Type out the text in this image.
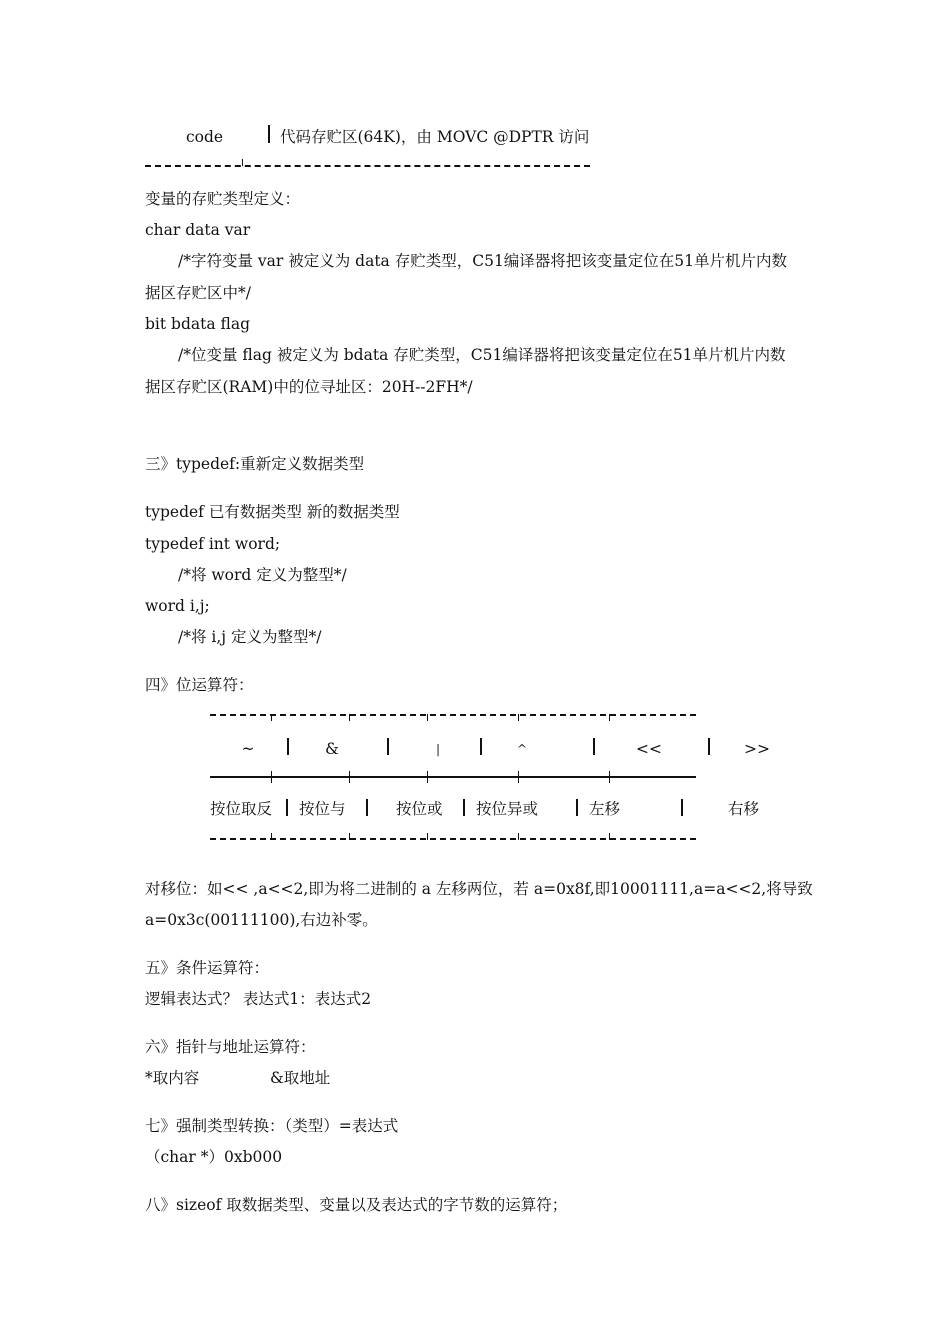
code	代码存贮区(64K)，由 MOVC @DPTR 访问
变量的存贮类型定义：
char data var
/*字符变量 var 被定义为 data 存贮类型，C51编译器将把该变量定位在51单片机片内数
据区存贮区中*/
bit bdata flag
/*位变量 flag 被定义为 bdata 存贮类型，C51编译器将把该变量定位在51单片机片内数
据区存贮区(RAM)中的位寻址区：20H--2FH*/
三》typedef:重新定义数据类型
typedef 已有数据类型 新的数据类型
typedef int word;
/*将 word 定义为整型*/
word i,j;
/*将 i,j 定义为整型*/
四》位运算符：
~	&	|	^	<<	>>
按位取反	按位与	按位或	按位异或	左移	右移
对移位：如<< ,a<<2,即为将二进制的 a 左移两位，若 a=0x8f,即10001111,a=a<<2,将导致
a=0x3c(00111100),右边补零。
五》条件运算符：
逻辑表达式？ 表达式1：表达式2
六》指针与地址运算符：
*取内容	&取地址
七》强制类型转换：（类型）=表达式
（char *）0xb000
八》sizeof 取数据类型、变量以及表达式的字节数的运算符；
